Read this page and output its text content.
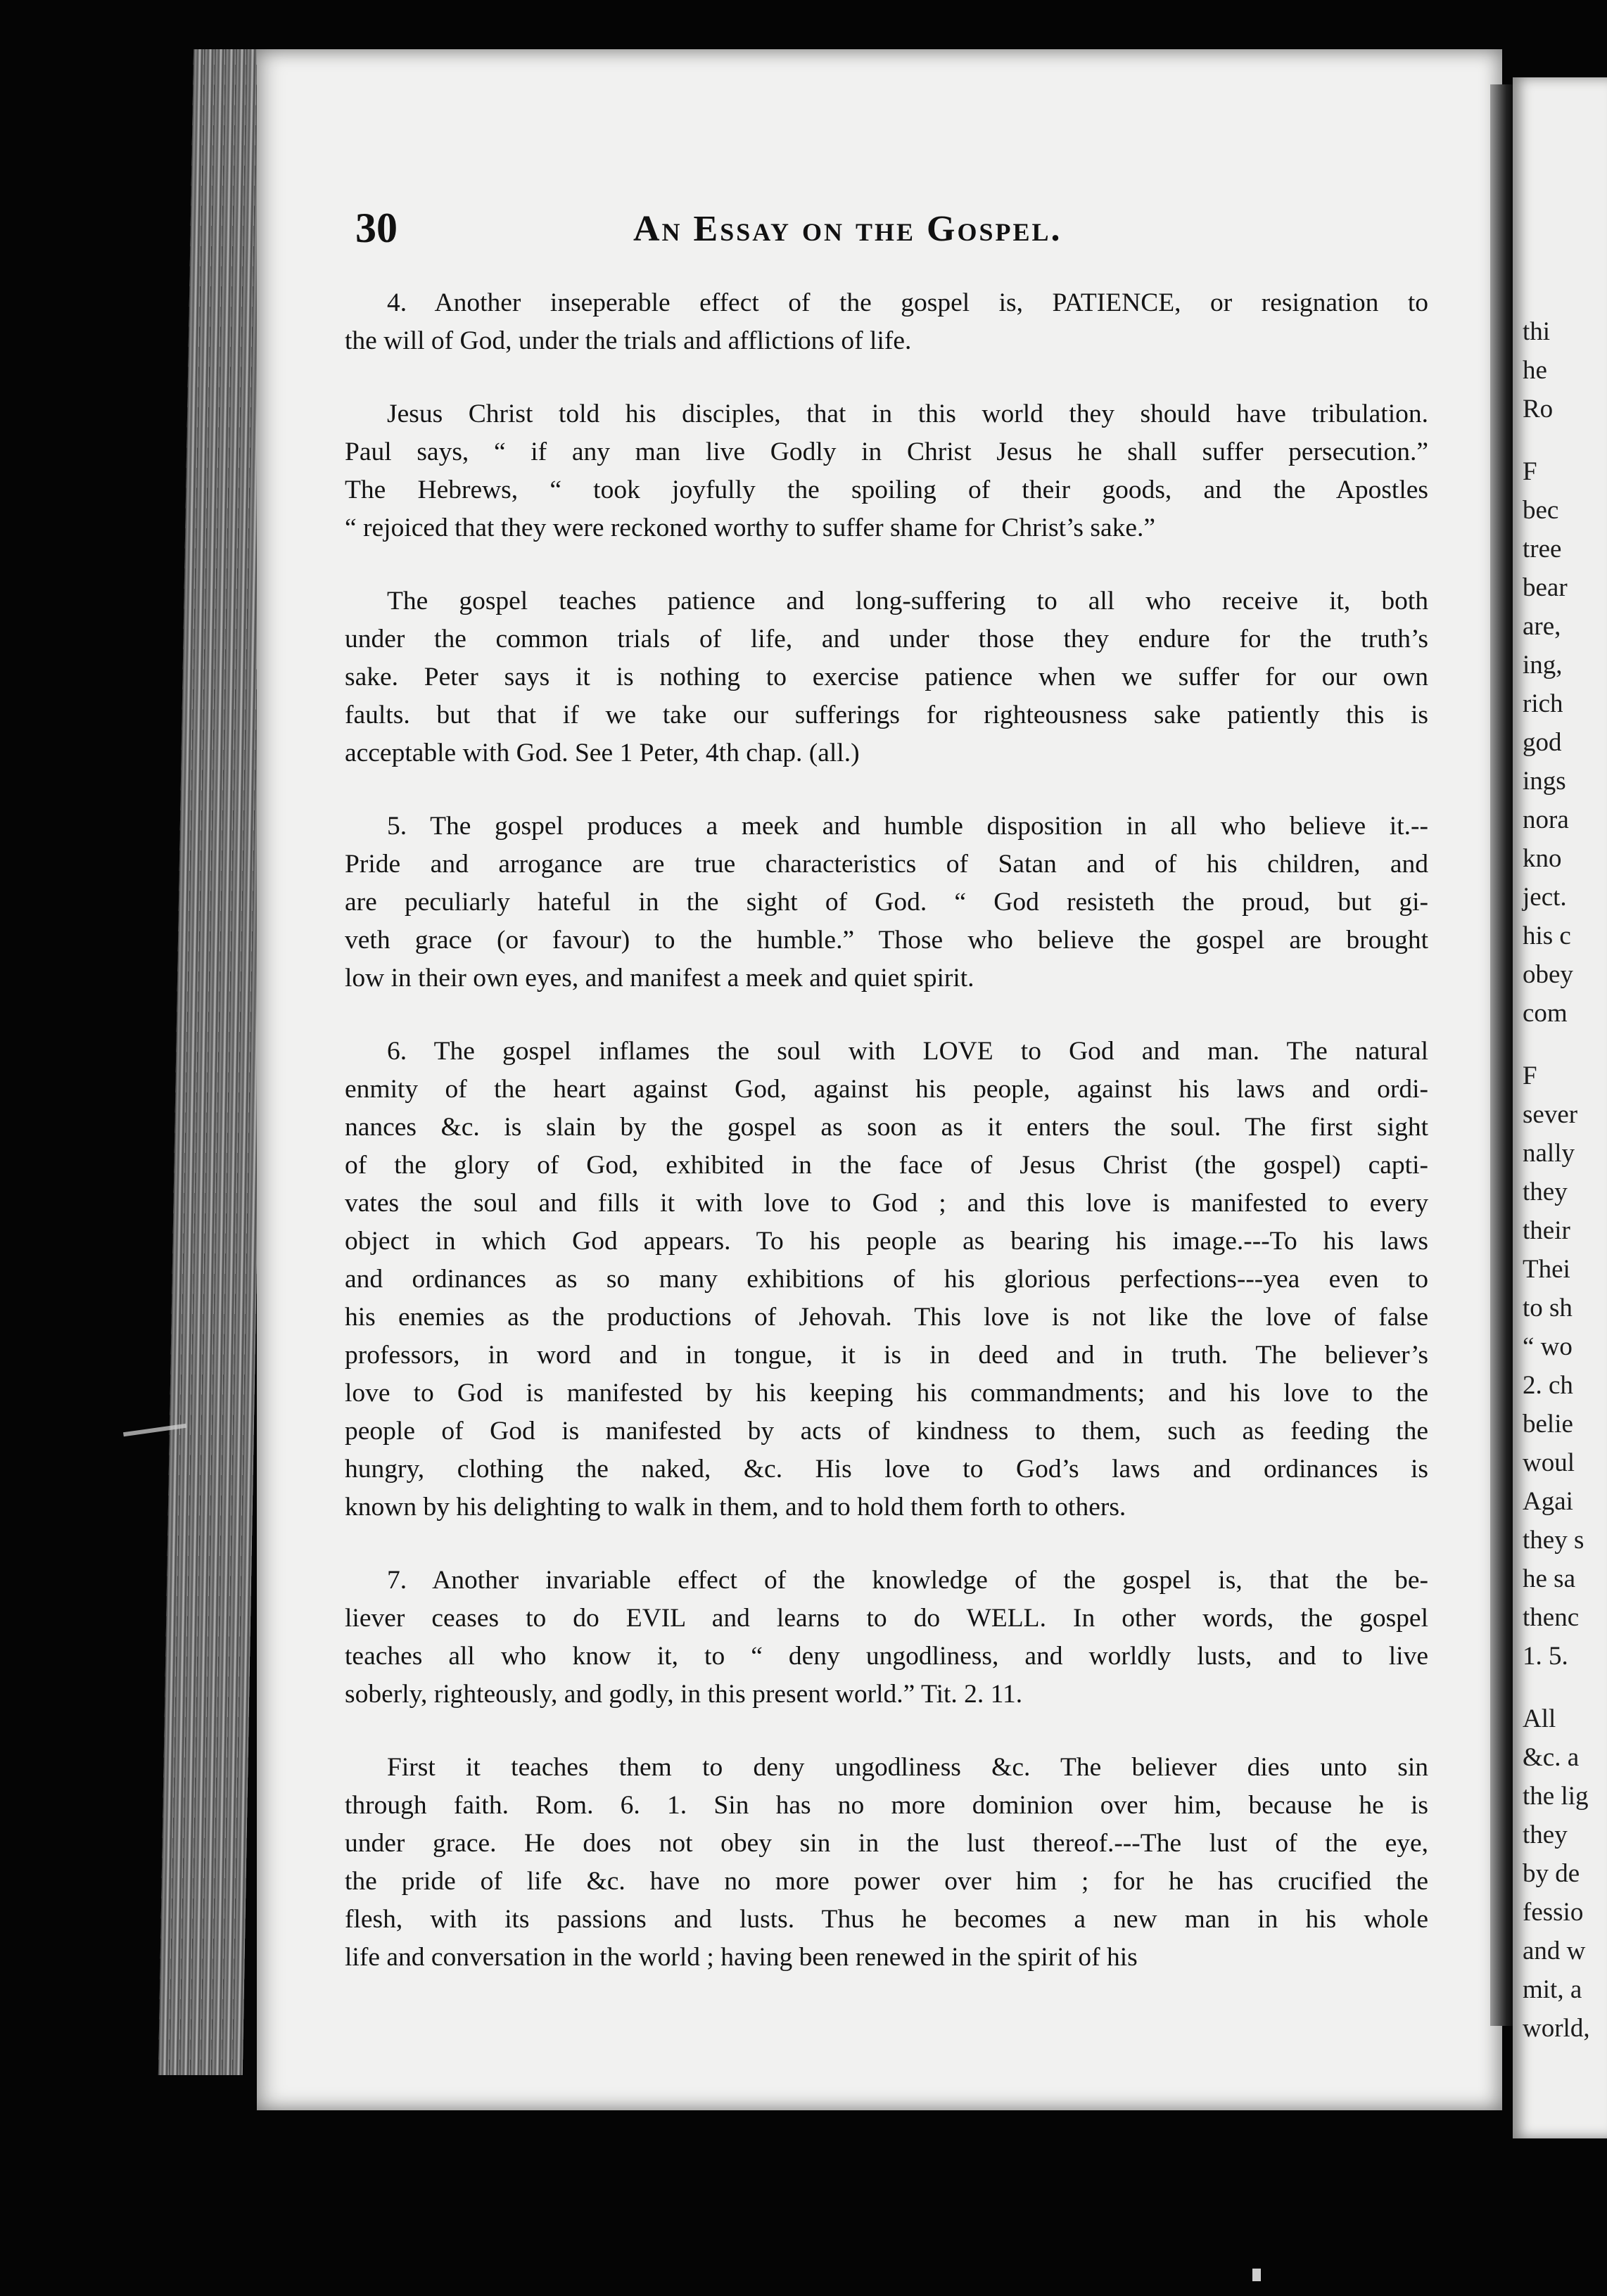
thi
he
Ro
F
bec
tree
bear
are,
ing,
rich
god
ings
nora
kno
ject.
his c
obey
com
F
sever
nally
they
their
Thei
to sh
“ wo
2. ch
belie
woul
Agai
they s
he sa
thenc
1. 5.
All
&c. a
the lig
they
by de
fessio
and w
mit, a
world,
30	An Essay on the Gospel.
4. Another inseperable effect of the gospel is, PATIENCE, or resignation to
the will of God, under the trials and afflictions of life.
Jesus Christ told his disciples, that in this world they should have tribulation.
Paul says, “ if any man live Godly in Christ Jesus he shall suffer persecution.”
The Hebrews, “ took joyfully the spoiling of their goods, and the Apostles
“ rejoiced that they were reckoned worthy to suffer shame for Christ’s sake.”
The gospel teaches patience and long-suffering to all who receive it, both
under the common trials of life, and under those they endure for the truth’s
sake. Peter says it is nothing to exercise patience when we suffer for our own
faults. but that if we take our sufferings for righteousness sake patiently this is
acceptable with God. See 1 Peter, 4th chap. (all.)
5. The gospel produces a meek and humble disposition in all who believe it.--
Pride and arrogance are true characteristics of Satan and of his children, and
are peculiarly hateful in the sight of God. “ God resisteth the proud, but gi-
veth grace (or favour) to the humble.” Those who believe the gospel are brought
low in their own eyes, and manifest a meek and quiet spirit.
6. The gospel inflames the soul with LOVE to God and man. The natural
enmity of the heart against God, against his people, against his laws and ordi-
nances &c. is slain by the gospel as soon as it enters the soul. The first sight
of the glory of God, exhibited in the face of Jesus Christ (the gospel) capti-
vates the soul and fills it with love to God ; and this love is manifested to every
object in which God appears. To his people as bearing his image.---To his laws
and ordinances as so many exhibitions of his glorious perfections---yea even to
his enemies as the productions of Jehovah. This love is not like the love of false
professors, in word and in tongue, it is in deed and in truth. The believer’s
love to God is manifested by his keeping his commandments; and his love to the
people of God is manifested by acts of kindness to them, such as feeding the
hungry, clothing the naked, &c. His love to God’s laws and ordinances is
known by his delighting to walk in them, and to hold them forth to others.
7. Another invariable effect of the knowledge of the gospel is, that the be-
liever ceases to do EVIL and learns to do WELL. In other words, the gospel
teaches all who know it, to “ deny ungodliness, and worldly lusts, and to live
soberly, righteously, and godly, in this present world.” Tit. 2. 11.
First it teaches them to deny ungodliness &c. The believer dies unto sin
through faith. Rom. 6. 1. Sin has no more dominion over him, because he is
under grace. He does not obey sin in the lust thereof.---The lust of the eye,
the pride of life &c. have no more power over him ; for he has crucified the
flesh, with its passions and lusts. Thus he becomes a new man in his whole
life and conversation in the world ; having been renewed in the spirit of his
